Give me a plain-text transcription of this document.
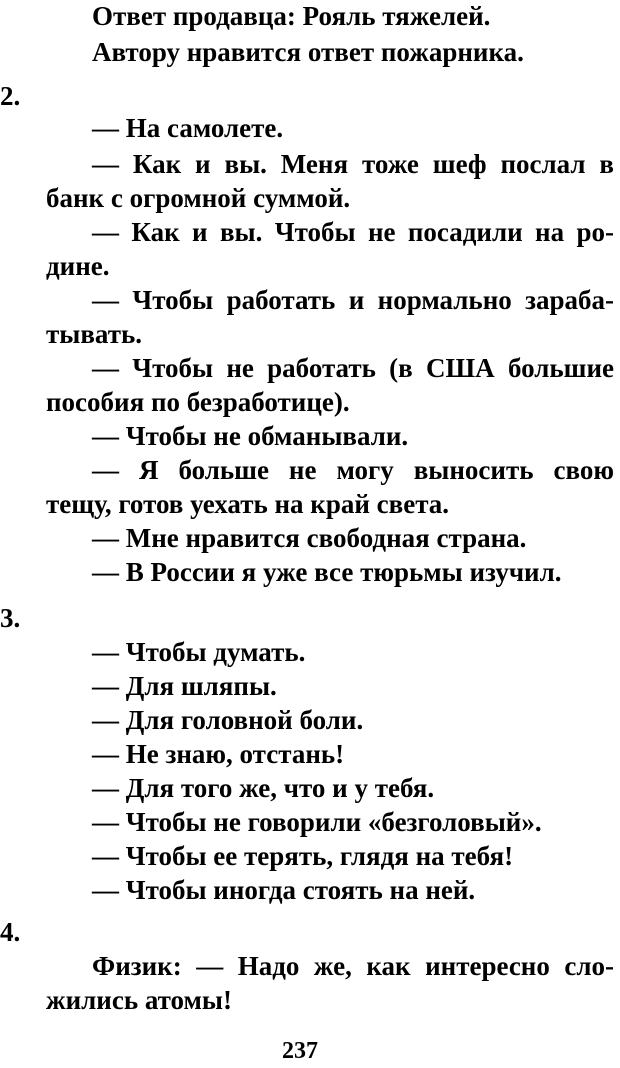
Ответ продавца: Рояль тяжелей.
Автору нравится ответ пожарника.
2.
— На самолете.
— Как и вы. Меня тоже шеф послал в
банк с огромной суммой.
— Как и вы. Чтобы не посадили на ро-
дине.
— Чтобы работать и нормально зараба-
тывать.
— Чтобы не работать (в США большие
пособия по безработице).
— Чтобы не обманывали.
— Я больше не могу выносить свою
тещу, готов уехать на край света.
— Мне нравится свободная страна.
— В России я уже все тюрьмы изучил.
3.
— Чтобы думать.
— Для шляпы.
— Для головной боли.
— Не знаю, отстань!
— Для того же, что и у тебя.
— Чтобы не говорили «безголовый».
— Чтобы ее терять, глядя на тебя!
— Чтобы иногда стоять на ней.
4.
Физик: — Надо же, как интересно сло-
жились атомы!
237
